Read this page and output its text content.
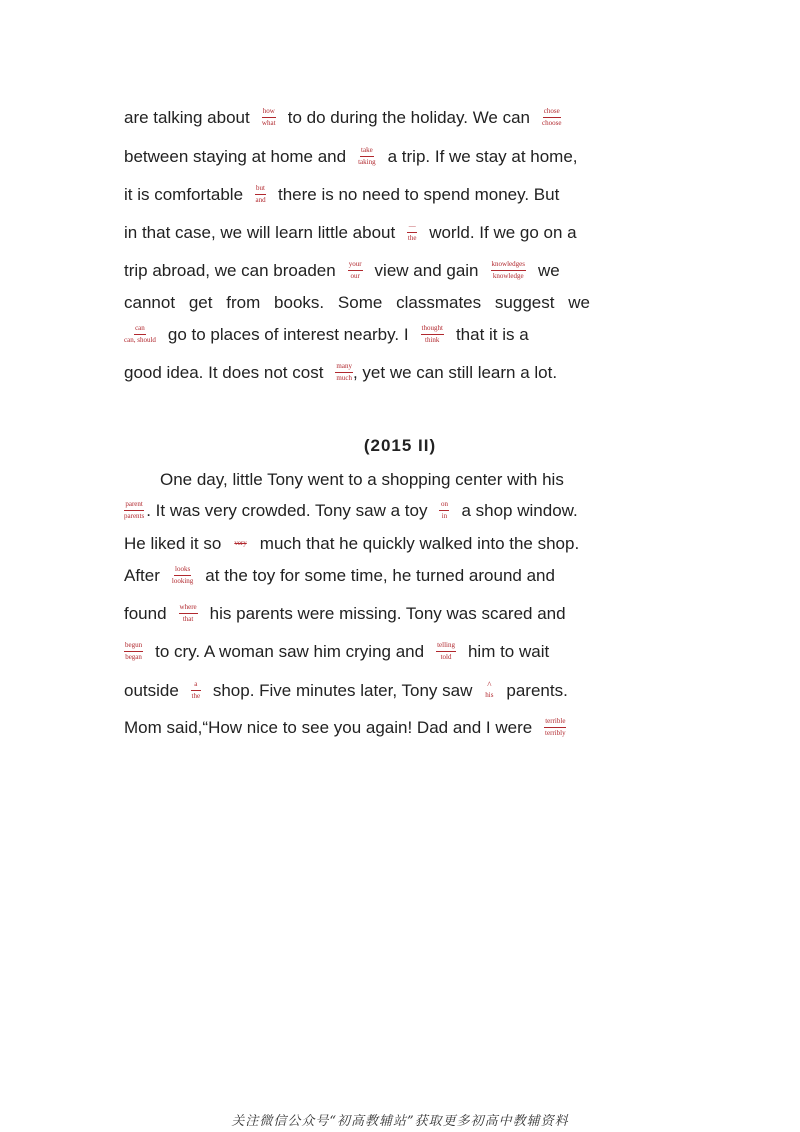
are talking about how
what to do during the holiday. We can chose
choose
between staying at home and take
taking a trip. If we stay at home,
it is comfortable but
and there is no need to spend money. But
in that case, we will learn little about —
the world. If we go on a
trip abroad, we can broaden your
our view and gain knowledges
knowledge we
cannot get from books. Some classmates suggest we
can
can, should go to places of interest nearby. I thought
think that it is a
good idea. It does not cost many
much , yet we can still learn a lot.
(2015 II)
One day, little Tony went to a shopping center with his
parent
parents . It was very crowded. Tony saw a toy on
in a shop window.
He liked it so very much that he quickly walked into the shop.
After looks
looking at the toy for some time, he turned around and
found where
that his parents were missing. Tony was scared and
begun
began to cry. A woman saw him crying and telling
told him to wait
outside	a
the shop. Five minutes later, Tony saw	^
his parents.
Mom said,“How nice to see you again! Dad and I were terrible
terribly
关注微信公众号“初高教辅站”获取更多初高中教辅资料
